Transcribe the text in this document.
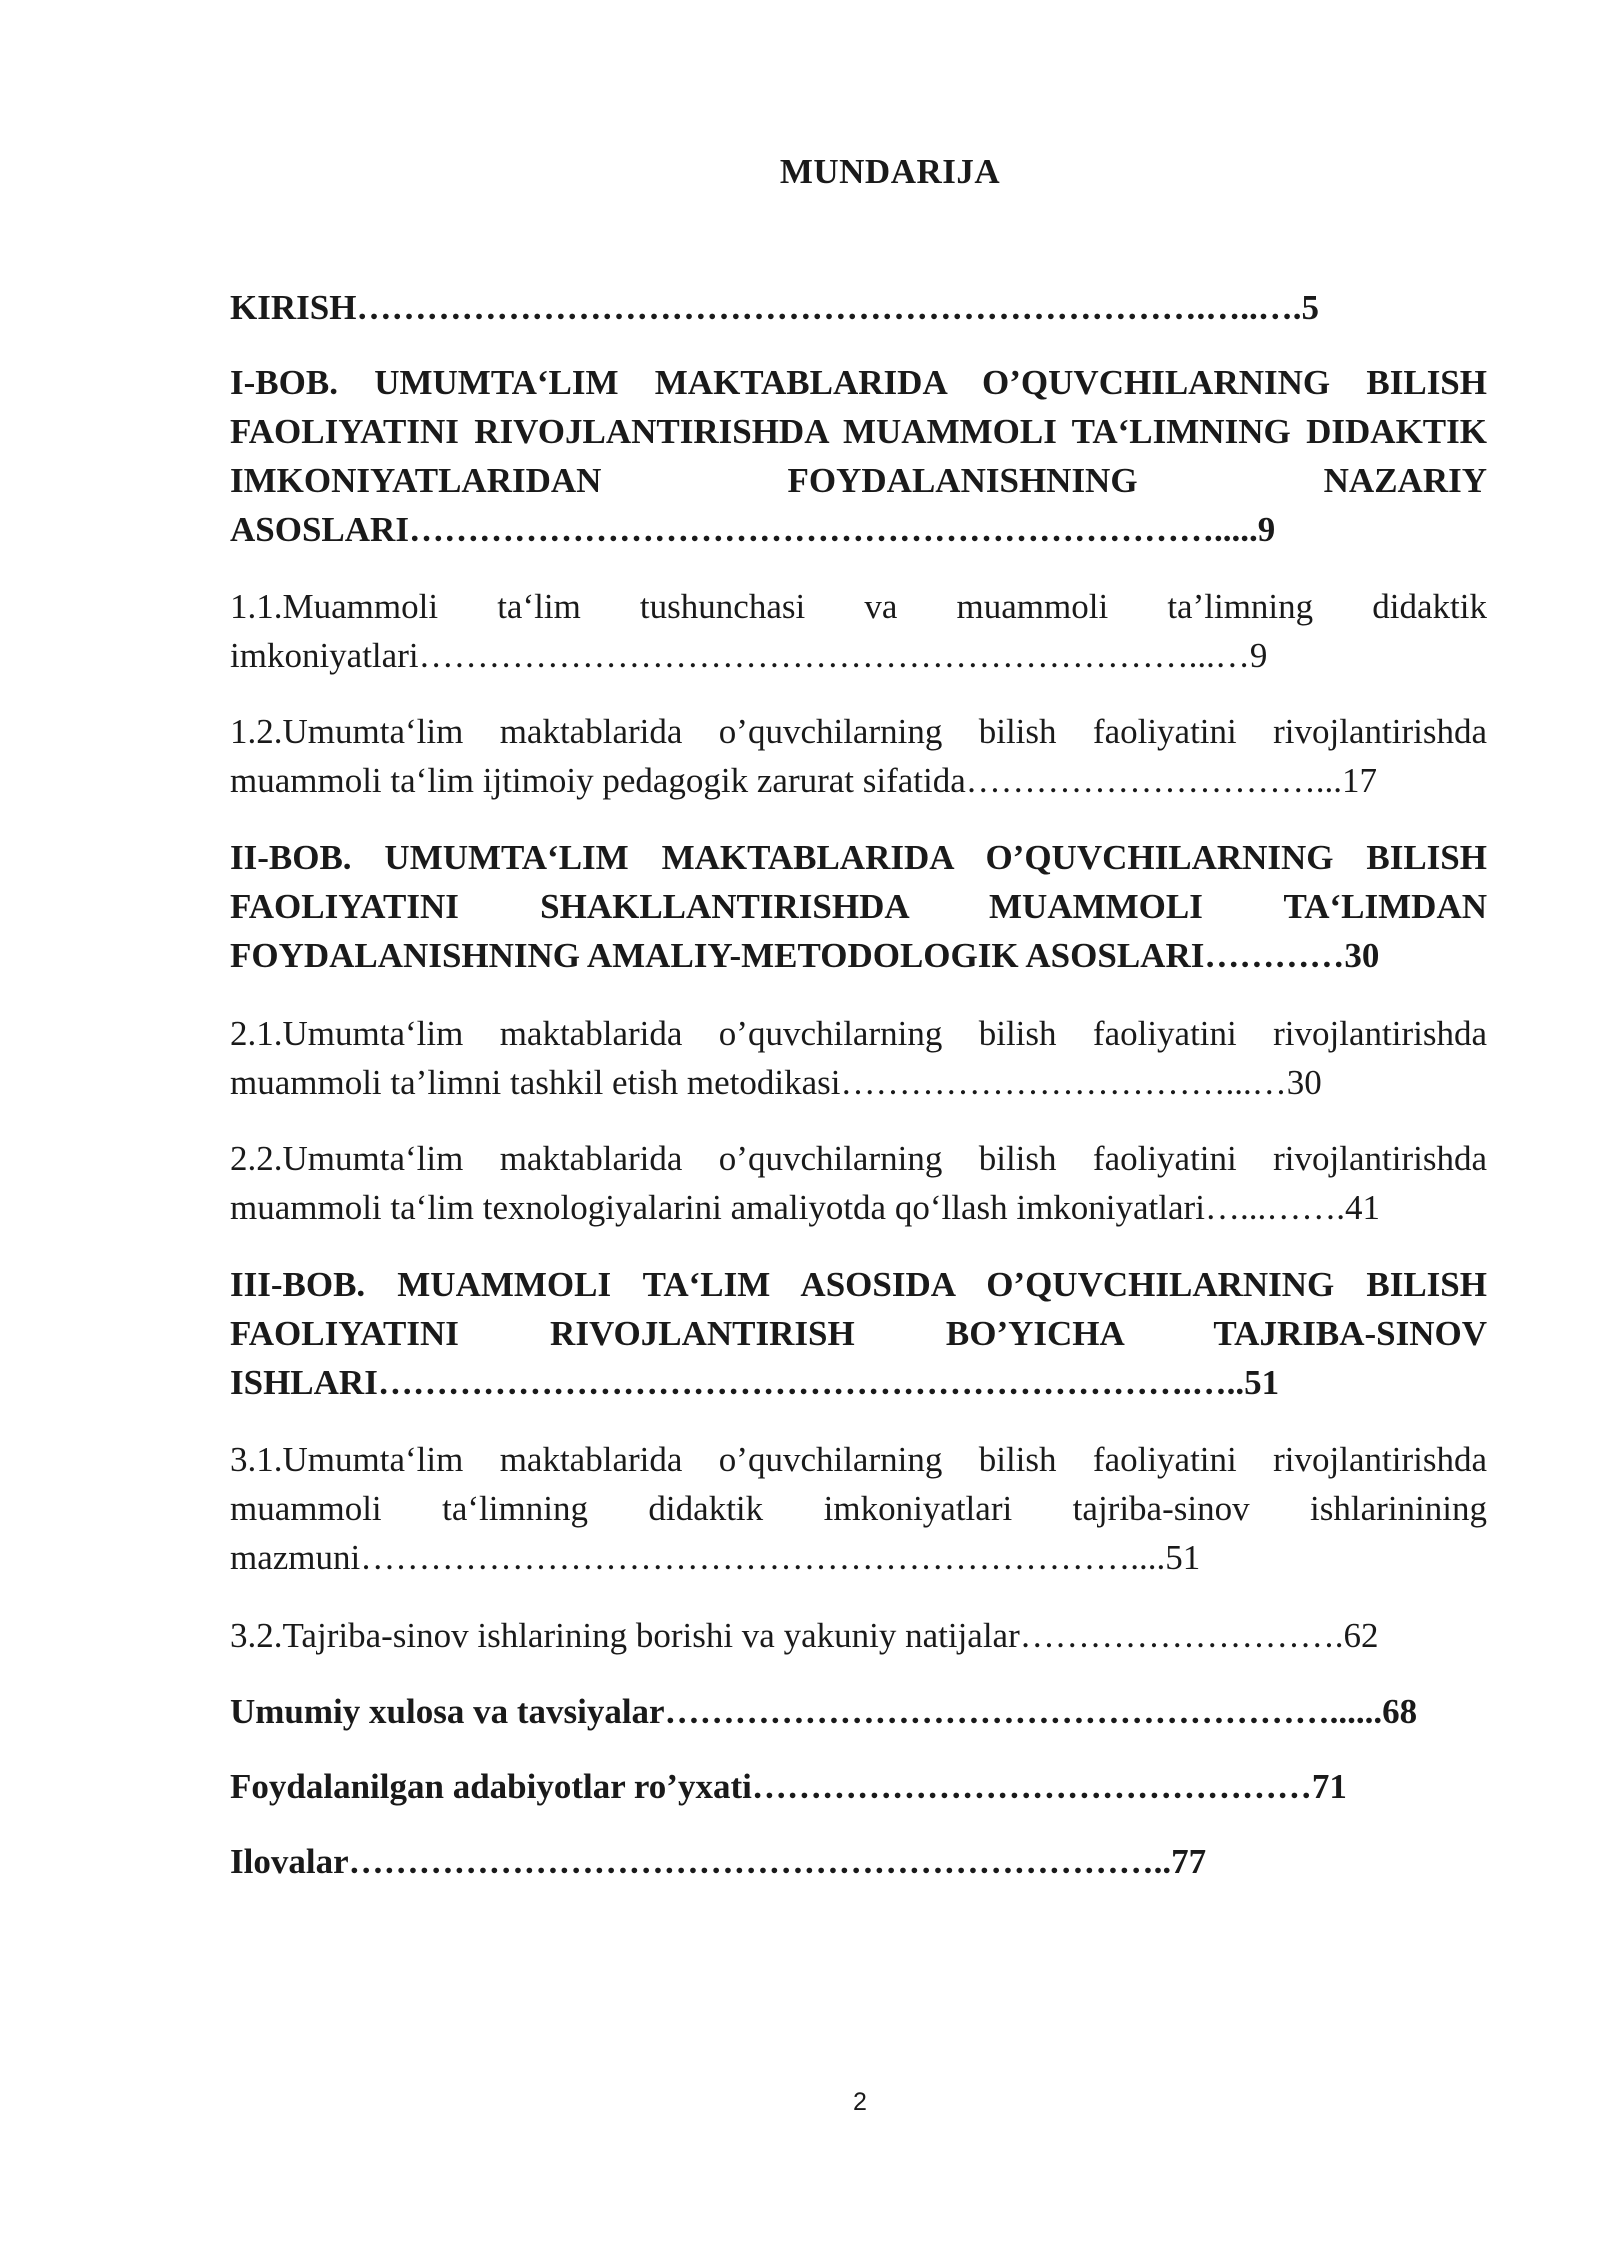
MUNDARIJA

KIRISH……………………………………………………………….…..….5

I-BOB. UMUMTA‘LIM MAKTABLARIDA O’QUVCHILARNING BILISH FAOLIYATINI RIVOJLANTIRISHDA MUAMMOLI TA‘LIMNING DIDAKTIK IMKONIYATLARIDAN FOYDALANISHNING NAZARIY ASOSLARI…………………………………………………………….....9

1.1.Muammoli ta‘lim tushunchasi va muammoli ta’limning didaktik imkoniyatlari…………………………………………………………...…9

1.2.Umumta‘lim maktablarida o’quvchilarning bilish faoliyatini rivojlantirishda muammoli ta‘lim ijtimoiy pedagogik zarurat sifatida…………………………...17

II-BOB. UMUMTA‘LIM MAKTABLARIDA O’QUVCHILARNING BILISH FAOLIYATINI SHAKLLANTIRISHDA MUAMMOLI TA‘LIMDAN FOYDALANISHNING AMALIY-METODOLOGIK ASOSLARI…………30

2.1.Umumta‘lim maktablarida o’quvchilarning bilish faoliyatini rivojlantirishda muammoli ta’limni tashkil etish metodikasi……………………………...…30

2.2.Umumta‘lim maktablarida o’quvchilarning bilish faoliyatini rivojlantirishda muammoli ta‘lim texnologiyalarini amaliyotda qo‘llash imkoniyatlari…...…….41

III-BOB. MUAMMOLI TA‘LIM ASOSIDA O’QUVCHILARNING BILISH FAOLIYATINI RIVOJLANTIRISH BO’YICHA TAJRIBA-SINOV ISHLARI…………………………………………………………….…..51

3.1.Umumta‘lim maktablarida o’quvchilarning bilish faoliyatini rivojlantirishda muammoli ta‘limning didaktik imkoniyatlari tajriba-sinov ishlarinining mazmuni…………………………………………………………....51

3.2.Tajriba-sinov ishlarining borishi va yakuniy natijalar……………………….62

Umumiy xulosa va tavsiyalar…………………………………………………......68

Foydalanilgan adabiyotlar ro’yxati…………………………………………71

Ilovalar……………………………………………………………..77

2
